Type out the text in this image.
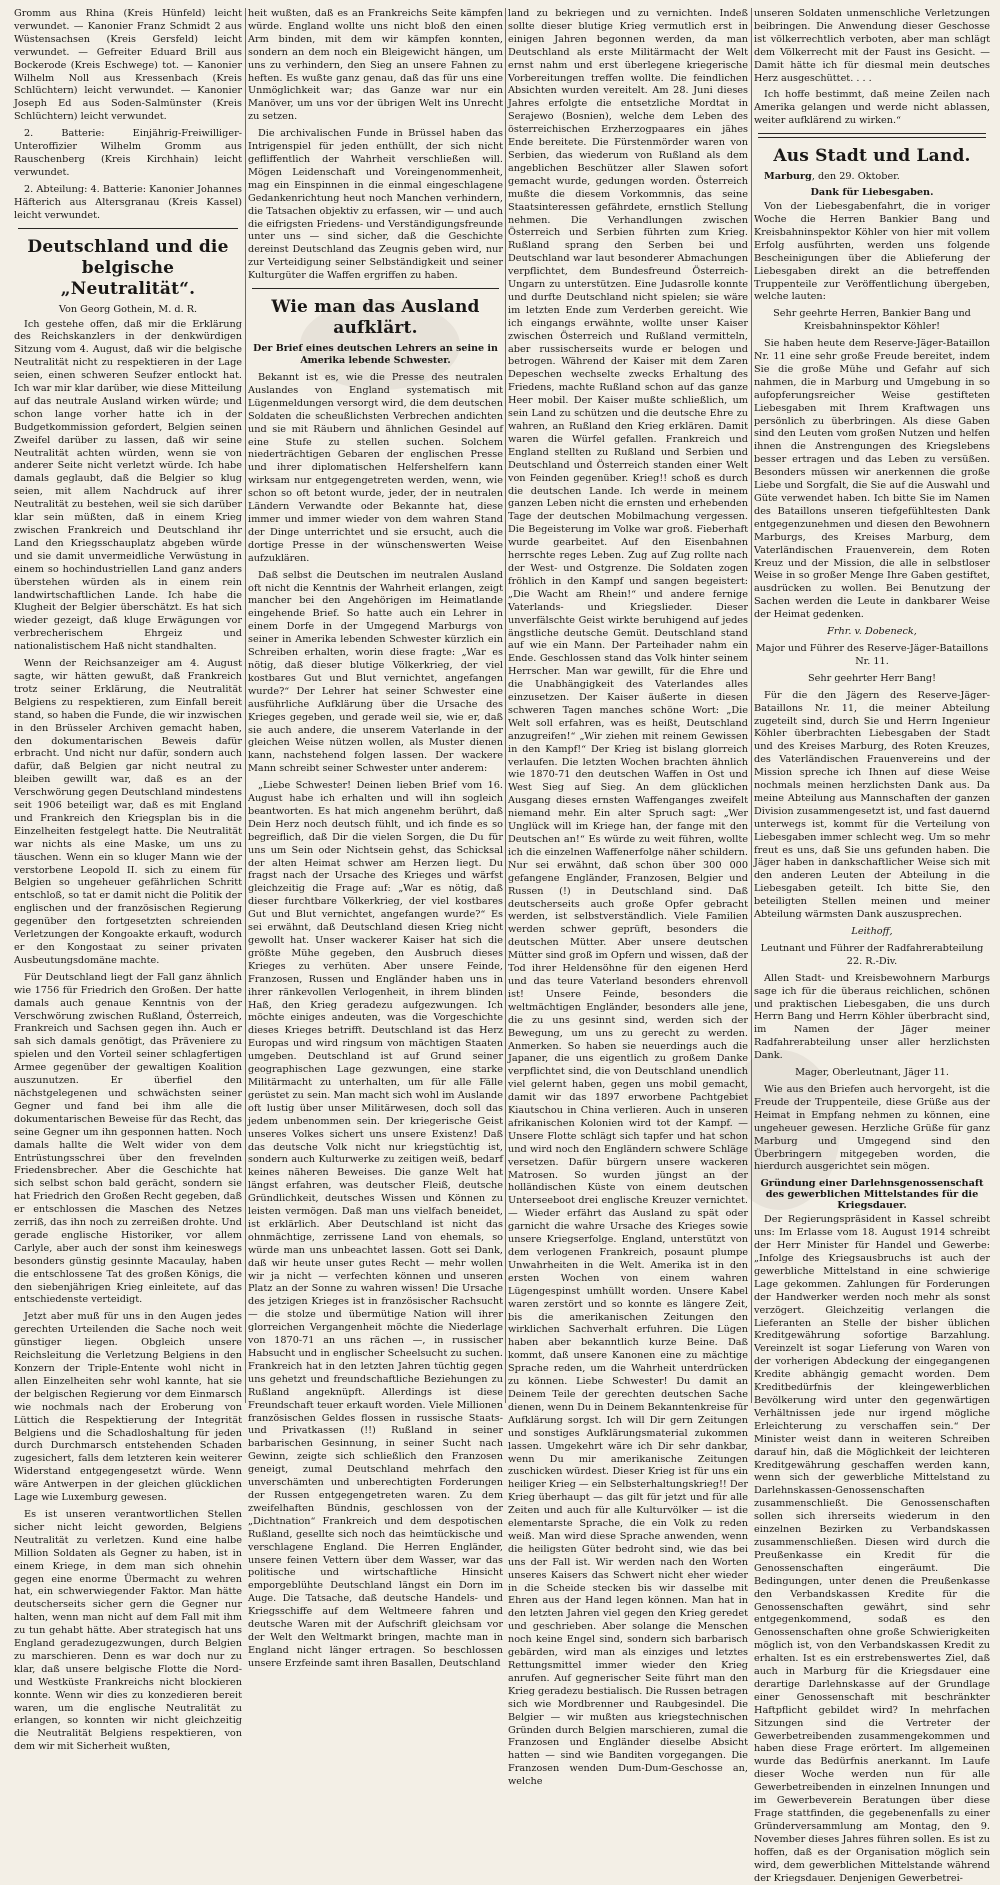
Gromm aus Rhina (Kreis Hünfeld) leicht verwundet. — Kanonier Franz Schmidt 2 aus Wüstensachsen (Kreis Gersfeld) leicht verwundet. — Gefreiter Eduard Brill aus Bockerode (Kreis Eschwege) tot. — Kanonier Wilhelm Noll aus Kressenbach (Kreis Schlüchtern) leicht verwundet. — Kanonier Joseph Ed aus Soden-Salmünster (Kreis Schlüchtern) leicht verwundet.

2. Batterie: Einjährig-Freiwilliger-Unteroffizier Wilhelm Gromm aus Rauschenberg (Kreis Kirchhain) leicht verwundet.

2. Abteilung: 4. Batterie: Kanonier Johannes Häfterich aus Altersgranau (Kreis Kassel) leicht verwundet.

Deutschland und die belgische „Neutralität“.
Von Georg Gothein, M. d. R.

Ich gestehe offen, daß mir die Erklärung des Reichskanzlers in der denkwürdigen Sitzung vom 4. August, daß wir die belgische Neutralität nicht zu respektieren in der Lage seien, einen schweren Seufzer entlockt hat. Ich war mir klar darüber, wie diese Mitteilung auf das neutrale Ausland wirken würde; und schon lange vorher hatte ich in der Budgetkommission gefordert, Belgien seinen Zweifel darüber zu lassen, daß wir seine Neutralität achten würden, wenn sie von anderer Seite nicht verletzt würde. Ich habe damals geglaubt, daß die Belgier so klug seien, mit allem Nachdruck auf ihrer Neutralität zu bestehen, weil sie sich darüber klar sein müßten, daß in einem Krieg zwischen Frankreich und Deutschland ihr Land den Kriegsschauplatz abgeben würde und sie damit unvermeidliche Verwüstung in einem so hochindustriellen Land ganz anders überstehen würden als in einem rein landwirtschaftlichen Lande. Ich habe die Klugheit der Belgier überschätzt. Es hat sich wieder gezeigt, daß kluge Erwägungen vor verbrecherischem Ehrgeiz und nationalistischem Haß nicht standhalten.

Wenn der Reichsanzeiger am 4. August sagte, wir hätten gewußt, daß Frankreich trotz seiner Erklärung, die Neutralität Belgiens zu respektieren, zum Einfall bereit stand, so haben die Funde, die wir inzwischen in den Brüsseler Archiven gemacht haben, den dokumentarischen Beweis dafür erbracht. Und nicht nur dafür, sondern auch dafür, daß Belgien gar nicht neutral zu bleiben gewillt war, daß es an der Verschwörung gegen Deutschland mindestens seit 1906 beteiligt war, daß es mit England und Frankreich den Kriegsplan bis in die Einzelheiten festgelegt hatte. Die Neutralität war nichts als eine Maske, um uns zu täuschen. Wenn ein so kluger Mann wie der verstorbene Leopold II. sich zu einem für Belgien so ungeheuer gefährlichen Schritt entschloß, so tat er damit nicht die Politik der englischen und der französischen Regierung gegenüber den fortgesetzten schreienden Verletzungen der Kongoakte erkauft, wodurch er den Kongostaat zu seiner privaten Ausbeutungsdomäne machte.

Für Deutschland liegt der Fall ganz ähnlich wie 1756 für Friedrich den Großen. Der hatte damals auch genaue Kenntnis von der Verschwörung zwischen Rußland, Österreich, Frankreich und Sachsen gegen ihn. Auch er sah sich damals genötigt, das Präveniere zu spielen und den Vorteil seiner schlagfertigen Armee gegenüber der gewaltigen Koalition auszunutzen. Er überfiel den nächstgelegenen und schwächsten seiner Gegner und fand bei ihm alle die dokumentarischen Beweise für das Recht, das seine Gegner um ihn gesponnen hatten. Noch damals hallte die Welt wider von dem Entrüstungsschrei über den frevelnden Friedensbrecher. Aber die Geschichte hat sich selbst schon bald gerächt, sondern sie hat Friedrich den Großen Recht gegeben, daß er entschlossen die Maschen des Netzes zerriß, das ihn noch zu zerreißen drohte. Und gerade englische Historiker, vor allem Carlyle, aber auch der sonst ihm keineswegs besonders günstig gesinnte Macaulay, haben die entschlossene Tat des großen Königs, die den siebenjährigen Krieg einleitete, auf das entschiedenste verteidigt.

Jetzt aber muß für uns in den Augen jedes gerechten Urteilenden die Sache noch weit günstiger liegen. Obgleich unsere Reichsleitung die Verletzung Belgiens in den Konzern der Triple-Entente wohl nicht in allen Einzelheiten sehr wohl kannte, hat sie der belgischen Regierung vor dem Einmarsch wie nochmals nach der Eroberung von Lüttich die Respektierung der Integrität Belgiens und die Schadloshaltung für jeden durch Durchmarsch entstehenden Schaden zugesichert, falls dem letzteren kein weiterer Widerstand entgegengesetzt würde. Wenn wäre Antwerpen in der gleichen glücklichen Lage wie Luxemburg gewesen.

Es ist unseren verantwortlichen Stellen sicher nicht leicht geworden, Belgiens Neutralität zu verletzen. Kund eine halbe Million Soldaten als Gegner zu haben, ist in einem Kriege, in dem man sich ohnehin gegen eine enorme Übermacht zu wehren hat, ein schwerwiegender Faktor. Man hätte deutscherseits sicher gern die Gegner nur halten, wenn man nicht auf dem Fall mit ihm zu tun gehabt hätte. Aber strategisch hat uns England geradezugezwungen, durch Belgien zu marschieren. Denn es war doch nur zu klar, daß unsere belgische Flotte die Nord- und Westküste Frankreichs nicht blockieren konnte. Wenn wir dies zu konzedieren bereit waren, um die englische Neutralität zu erlangen, so konnten wir nicht gleichzeitig die Neutralität Belgiens respektieren, von dem wir mit Sicherheit wußten,

heit wußten, daß es an Frankreichs Seite kämpfen würde. England wollte uns nicht bloß den einen Arm binden, mit dem wir kämpfen konnten, sondern an dem noch ein Bleigewicht hängen, um uns zu verhindern, den Sieg an unsere Fahnen zu heften. Es wußte ganz genau, daß das für uns eine Unmöglichkeit war; das Ganze war nur ein Manöver, um uns vor der übrigen Welt ins Unrecht zu setzen.

Die archivalischen Funde in Brüssel haben das Intrigenspiel für jeden enthüllt, der sich nicht gefliffentlich der Wahrheit verschließen will. Mögen Leidenschaft und Voreingenommenheit, mag ein Einspinnen in die einmal eingeschlagene Gedankenrichtung heut noch Manchen verhindern, die Tatsachen objektiv zu erfassen, wir — und auch die eifrigsten Friedens- und Verständigungsfreunde unter uns — sind sicher, daß die Geschichte dereinst Deutschland das Zeugnis geben wird, nur zur Verteidigung seiner Selbständigkeit und seiner Kulturgüter die Waffen ergriffen zu haben.

Wie man das Ausland aufklärt.
Der Brief eines deutschen Lehrers an seine in Amerika lebende Schwester.

Bekannt ist es, wie die Presse des neutralen Auslandes von England systematisch mit Lügenmeldungen versorgt wird, die dem deutschen Soldaten die scheußlichsten Verbrechen andichten und sie mit Räubern und ähnlichen Gesindel auf eine Stufe zu stellen suchen. Solchem niederträchtigen Gebaren der englischen Presse und ihrer diplomatischen Helfershelfern kann wirksam nur entgegengetreten werden, wenn, wie schon so oft betont wurde, jeder, der in neutralen Ländern Verwandte oder Bekannte hat, diese immer und immer wieder von dem wahren Stand der Dinge unterrichtet und sie ersucht, auch die dortige Presse in der wünschenswerten Weise aufzuklären.

Daß selbst die Deutschen im neutralen Ausland oft nicht die Kenntnis der Wahrheit erlangen, zeigt mancher bei den Angehörigen im Heimatlande eingehende Brief. So hatte auch ein Lehrer in einem Dorfe in der Umgegend Marburgs von seiner in Amerika lebenden Schwester kürzlich ein Schreiben erhalten, worin diese fragte: „War es nötig, daß dieser blutige Völkerkrieg, der viel kostbares Gut und Blut vernichtet, angefangen wurde?“ Der Lehrer hat seiner Schwester eine ausführliche Aufklärung über die Ursache des Krieges gegeben, und gerade weil sie, wie er, daß sie auch andere, die unserem Vaterlande in der gleichen Weise nützen wollen, als Muster dienen kann, nachstehend folgen lassen. Der wackere Mann schreibt seiner Schwester unter anderem:

„Liebe Schwester! Deinen lieben Brief vom 16. August habe ich erhalten und will ihn sogleich beantworten. Es hat mich angenehm berührt, daß Dein Herz noch deutsch fühlt, und ich finde es so begreiflich, daß Dir die vielen Sorgen, die Du für uns um Sein oder Nichtsein gehst, das Schicksal der alten Heimat schwer am Herzen liegt. Du fragst nach der Ursache des Krieges und wärfst gleichzeitig die Frage auf: „War es nötig, daß dieser furchtbare Völkerkrieg, der viel kostbares Gut und Blut vernichtet, angefangen wurde?“ Es sei erwähnt, daß Deutschland diesen Krieg nicht gewollt hat. Unser wackerer Kaiser hat sich die größte Mühe gegeben, den Ausbruch dieses Krieges zu verhüten. Aber unsere Feinde, Franzosen, Russen und Engländer haben uns in ihrer ränkevollen Verlogenheit, in ihrem blinden Haß, den Krieg geradezu aufgezwungen. Ich möchte einiges andeuten, was die Vorgeschichte dieses Krieges betrifft. Deutschland ist das Herz Europas und wird ringsum von mächtigen Staaten umgeben. Deutschland ist auf Grund seiner geographischen Lage gezwungen, eine starke Militärmacht zu unterhalten, um für alle Fälle gerüstet zu sein. Man macht sich wohl im Auslande oft lustig über unser Militärwesen, doch soll das jedem unbenommen sein. Der kriegerische Geist unseres Volkes sichert uns unsere Existenz! Daß das deutsche Volk nicht nur kriegstüchtig ist, sondern auch Kulturwerke zu zeitigen weiß, bedarf keines näheren Beweises. Die ganze Welt hat längst erfahren, was deutscher Fleiß, deutsche Gründlichkeit, deutsches Wissen und Können zu leisten vermögen. Daß man uns vielfach beneidet, ist erklärlich. Aber Deutschland ist nicht das ohnmächtige, zerrissene Land von ehemals, so würde man uns unbeachtet lassen. Gott sei Dank, daß wir heute unser gutes Recht — mehr wollen wir ja nicht — verfechten können und unseren Platz an der Sonne zu wahren wissen! Die Ursache des jetzigen Krieges ist in französischer Rachsucht — die stolze und übermütige Nation will ihrer glorreichen Vergangenheit möchte die Niederlage von 1870-71 an uns rächen —, in russischer Habsucht und in englischer Scheelsucht zu suchen. Frankreich hat in den letzten Jahren tüchtig gegen uns gehetzt und freundschaftliche Beziehungen zu Rußland angeknüpft. Allerdings ist diese Freundschaft teuer erkauft worden. Viele Millionen französischen Geldes flossen in russische Staats- und Privatkassen (!!) Rußland in seiner barbarischen Gesinnung, in seiner Sucht nach Gewinn, zeigte sich schließlich den Franzosen geneigt, zumal Deutschland mehrfach den unverschämten und unberechtigten Forderungen der Russen entgegengetreten waren. Zu dem zweifelhaften Bündnis, geschlossen von der „Dichtnation“ Frankreich und dem despotischen Rußland, gesellte sich noch das heimtückische und verschlagene England. Die Herren Engländer, unsere feinen Vettern über dem Wasser, war das politische und wirtschaftliche Hinsicht emporgeblühte Deutschland längst ein Dorn im Auge. Die Tatsache, daß deutsche Handels- und Kriegsschiffe auf dem Weltmeere fahren und deutsche Waren mit der Aufschrift gleichsam vor der Welt den Weltmarkt bringen, machte man in England nicht länger ertragen. So beschlossen unsere Erzfeinde samt ihren Basallen, Deutschland

land zu bekriegen und zu vernichten. Indeß sollte dieser blutige Krieg vermutlich erst in einigen Jahren begonnen werden, da man Deutschland als erste Militärmacht der Welt ernst nahm und erst überlegene kriegerische Vorbereitungen treffen wollte. Die feindlichen Absichten wurden vereitelt. Am 28. Juni dieses Jahres erfolgte die entsetzliche Mordtat in Serajewo (Bosnien), welche dem Leben des österreichischen Erzherzogpaares ein jähes Ende bereitete. Die Fürstenmörder waren von Serbien, das wiederum von Rußland als dem angeblichen Beschützer aller Slawen sofort gemacht wurde, gedungen worden. Österreich mußte die diesem Vorkommnis, das seine Staatsinteressen gefährdete, ernstlich Stellung nehmen. Die Verhandlungen zwischen Österreich und Serbien führten zum Krieg. Rußland sprang den Serben bei und Deutschland war laut besonderer Abmachungen verpflichtet, dem Bundesfreund Österreich-Ungarn zu unterstützen. Eine Judasrolle konnte und durfte Deutschland nicht spielen; sie wäre im letzten Ende zum Verderben gereicht. Wie ich eingangs erwähnte, wollte unser Kaiser zwischen Österreich und Rußland vermitteln, aber russischerseits wurde er belogen und betrogen. Während der Kaiser mit dem Zaren Depeschen wechselte zwecks Erhaltung des Friedens, machte Rußland schon auf das ganze Heer mobil. Der Kaiser mußte schließlich, um sein Land zu schützen und die deutsche Ehre zu wahren, an Rußland den Krieg erklären. Damit waren die Würfel gefallen. Frankreich und England stellten zu Rußland und Serbien und Deutschland und Österreich standen einer Welt von Feinden gegenüber. Krieg!! schoß es durch die deutschen Lande. Ich werde in meinem ganzen Leben nicht die ernsten und erhebenden Tage der deutschen Mobilmachung vergessen. Die Begeisterung im Volke war groß. Fieberhaft wurde gearbeitet. Auf den Eisenbahnen herrschte reges Leben. Zug auf Zug rollte nach der West- und Ostgrenze. Die Soldaten zogen fröhlich in den Kampf und sangen begeistert: „Die Wacht am Rhein!“ und andere fernige Vaterlands- und Kriegslieder. Dieser unverfälschte Geist wirkte beruhigend auf jedes ängstliche deutsche Gemüt. Deutschland stand auf wie ein Mann. Der Parteihader nahm ein Ende. Geschlossen stand das Volk hinter seinem Herrscher. Man war gewillt, für die Ehre und die Unabhängigkeit des Vaterlandes alles einzusetzen. Der Kaiser äußerte in diesen schweren Tagen manches schöne Wort: „Die Welt soll erfahren, was es heißt, Deutschland anzugreifen!“ „Wir ziehen mit reinem Gewissen in den Kampf!“ Der Krieg ist bislang glorreich verlaufen. Die letzten Wochen brachten ähnlich wie 1870-71 den deutschen Waffen in Ost und West Sieg auf Sieg. An dem glücklichen Ausgang dieses ernsten Waffenganges zweifelt niemand mehr. Ein alter Spruch sagt: „Wer Unglück will im Kriege han, der fange mit den Deutschen an!“ Es würde zu weit führen, wollte ich die einzelnen Waffenerfolge näher schildern. Nur sei erwähnt, daß schon über 300 000 gefangene Engländer, Franzosen, Belgier und Russen (!) in Deutschland sind. Daß deutscherseits auch große Opfer gebracht werden, ist selbstverständlich. Viele Familien werden schwer geprüft, besonders die deutschen Mütter. Aber unsere deutschen Mütter sind groß im Opfern und wissen, daß der Tod ihrer Heldensöhne für den eigenen Herd und das teure Vaterland besonders ehrenvoll ist! Unsere Feinde, besonders die weltmächtigen Engländer, besonders alle jene, die zu uns gesinnt sind, werden sich der Bewegung, um uns zu gerecht zu werden. Anmerken. So haben sie neuerdings auch die Japaner, die uns eigentlich zu großem Danke verpflichtet sind, die von Deutschland unendlich viel gelernt haben, gegen uns mobil gemacht, damit wir das 1897 erworbene Pachtgebiet Kiautschou in China verlieren. Auch in unseren afrikanischen Kolonien wird tot der Kampf. — Unsere Flotte schlägt sich tapfer und hat schon und wird noch den Engländern schwere Schläge versetzen. Dafür bürgern unsere wackeren Matrosen. So wurden jüngst an der holländischen Küste von einem deutschen Unterseeboot drei englische Kreuzer vernichtet. — Wieder erfährt das Ausland zu spät oder garnicht die wahre Ursache des Krieges sowie unsere Kriegserfolge. England, unterstützt von dem verlogenen Frankreich, posaunt plumpe Unwahrheiten in die Welt. Amerika ist in den ersten Wochen von einem wahren Lügengespinst umhüllt worden. Unsere Kabel waren zerstört und so konnte es längere Zeit, bis die amerikanischen Zeitungen den wirklichen Sachverhalt erfuhren. Die Lügen haben aber bekanntlich kurze Beine. Daß kommt, daß unsere Kanonen eine zu mächtige Sprache reden, um die Wahrheit unterdrücken zu können. Liebe Schwester! Du damit an Deinem Teile der gerechten deutschen Sache dienen, wenn Du in Deinem Bekanntenkreise für Aufklärung sorgst. Ich will Dir gern Zeitungen und sonstiges Aufklärungsmaterial zukommen lassen. Umgekehrt wäre ich Dir sehr dankbar, wenn Du mir amerikanische Zeitungen zuschicken würdest. Dieser Krieg ist für uns ein heiliger Krieg — ein Selbsterhaltungskrieg!! Der Krieg überhaupt — das gilt für jetzt und für alle Zeiten und auch für alle Kulturvölker — ist die elementarste Sprache, die ein Volk zu reden weiß. Man wird diese Sprache anwenden, wenn die heiligsten Güter bedroht sind, wie das bei uns der Fall ist. Wir werden nach den Worten unseres Kaisers das Schwert nicht eher wieder in die Scheide stecken bis wir dasselbe mit Ehren aus der Hand legen können. Man hat in den letzten Jahren viel gegen den Krieg geredet und geschrieben. Aber solange die Menschen noch keine Engel sind, sondern sich barbarisch gebärden, wird man als einziges und letztes Rettungsmittel immer wieder den Krieg anrufen. Auf gegnerischer Seite führt man den Krieg geradezu bestialisch. Die Russen betragen sich wie Mordbrenner und Raubgesindel. Die Belgier — wir mußten aus kriegstechnischen Gründen durch Belgien marschieren, zumal die Franzosen und Engländer dieselbe Absicht hatten — sind wie Banditen vorgegangen. Die Franzosen wenden Dum-Dum-Geschosse an, welche

unseren Soldaten unmenschliche Verletzungen beibringen. Die Anwendung dieser Geschosse ist völkerrechtlich verboten, aber man schlägt dem Völkerrecht mit der Faust ins Gesicht. — Damit hätte ich für diesmal mein deutsches Herz ausgeschüttet. . . .

Ich hoffe bestimmt, daß meine Zeilen nach Amerika gelangen und werde nicht ablassen, weiter aufklärend zu wirken.“

Aus Stadt und Land.
Marburg, den 29. Oktober.
Dank für Liebesgaben.

Von der Liebesgabenfahrt, die in voriger Woche die Herren Bankier Bang und Kreisbahninspektor Köhler von hier mit vollem Erfolg ausführten, werden uns folgende Bescheinigungen über die Ablieferung der Liebesgaben direkt an die betreffenden Truppenteile zur Veröffentlichung übergeben, welche lauten:

Sehr geehrte Herren, Bankier Bang und Kreisbahninspektor Köhler!

Sie haben heute dem Reserve-Jäger-Bataillon Nr. 11 eine sehr große Freude bereitet, indem Sie die große Mühe und Gefahr auf sich nahmen, die in Marburg und Umgebung in so aufopferungsreicher Weise gestifteten Liebesgaben mit Ihrem Kraftwagen uns persönlich zu überbringen. Als diese Gaben sind den Leuten vom großen Nutzen und helfen ihnen die Anstrengungen des Kriegslebens besser ertragen und das Leben zu versüßen. Besonders müssen wir anerkennen die große Liebe und Sorgfalt, die Sie auf die Auswahl und Güte verwendet haben. Ich bitte Sie im Namen des Bataillons unseren tiefgefühltesten Dank entgegenzunehmen und diesen den Bewohnern Marburgs, des Kreises Marburg, dem Vaterländischen Frauenverein, dem Roten Kreuz und der Mission, die alle in selbstloser Weise in so großer Menge Ihre Gaben gestiftet, ausdrücken zu wollen. Bei Benutzung der Sachen werden die Leute in dankbarer Weise der Heimat gedenken.

Frhr. v. Dobeneck,

Major und Führer des Reserve-Jäger-Bataillons Nr. 11.

Sehr geehrter Herr Bang!

Für die den Jägern des Reserve-Jäger-Bataillons Nr. 11, die meiner Abteilung zugeteilt sind, durch Sie und Herrn Ingenieur Köhler überbrachten Liebesgaben der Stadt und des Kreises Marburg, des Roten Kreuzes, des Vaterländischen Frauenvereins und der Mission spreche ich Ihnen auf diese Weise nochmals meinen herzlichsten Dank aus. Da meine Abteilung aus Mannschaften der ganzen Division zusammengesetzt ist, und fast dauernd unterwegs ist, kommt für die Verteilung von Liebesgaben immer schlecht weg. Um so mehr freut es uns, daß Sie uns gefunden haben. Die Jäger haben in dankschaftlicher Weise sich mit den anderen Leuten der Abteilung in die Liebesgaben geteilt. Ich bitte Sie, den beteiligten Stellen meinen und meiner Abteilung wärmsten Dank auszusprechen.

Leithoff,

Leutnant und Führer der Radfahrerabteilung 22. R.-Div.

Allen Stadt- und Kreisbewohnern Marburgs sage ich für die überaus reichlichen, schönen und praktischen Liebesgaben, die uns durch Herrn Bang und Herrn Köhler überbracht sind, im Namen der Jäger meiner Radfahrerabteilung unser aller herzlichsten Dank.

Mager, Oberleutnant, Jäger 11.

Wie aus den Briefen auch hervorgeht, ist die Freude der Truppenteile, diese Grüße aus der Heimat in Empfang nehmen zu können, eine ungeheuer gewesen. Herzliche Grüße für ganz Marburg und Umgegend sind den Überbringern mitgegeben worden, die hierdurch ausgerichtet sein mögen.

Gründung einer Darlehnsgenossenschaft des gewerblichen Mittelstandes für die Kriegsdauer.

Der Regierungspräsident in Kassel schreibt uns: Im Erlasse vom 18. August 1914 schreibt der Herr Minister für Handel und Gewerbe: „Infolge des Kriegsausbruchs ist auch der gewerbliche Mittelstand in eine schwierige Lage gekommen. Zahlungen für Forderungen der Handwerker werden noch mehr als sonst verzögert. Gleichzeitig verlangen die Lieferanten an Stelle der bisher üblichen Kreditgewährung sofortige Barzahlung. Vereinzelt ist sogar Lieferung von Waren von der vorherigen Abdeckung der eingegangenen Kredite abhängig gemacht worden. Dem Kreditbedürfnis der kleingewerblichen Bevölkerung wird unter den gegenwärtigen Verhältnissen jede nur irgend mögliche Erleichterung zu verschaffen sein.“ Der Minister weist dann in weiteren Schreiben darauf hin, daß die Möglichkeit der leichteren Kreditgewährung geschaffen werden kann, wenn sich der gewerbliche Mittelstand zu Darlehnskassen-Genossenschaften zusammenschließt. Die Genossenschaften sollen sich ihrerseits wiederum in den einzelnen Bezirken zu Verbandskassen zusammenschließen. Diesen wird durch die Preußenkasse ein Kredit für die Genossenschaften eingeräumt. Die Bedingungen, unter denen die Preußenkasse den Verbandskassen Kredite für die Genossenschaften gewährt, sind sehr entgegenkommend, sodaß es den Genossenschaften ohne große Schwierigkeiten möglich ist, von den Verbandskassen Kredit zu erhalten. Ist es ein erstrebenswertes Ziel, daß auch in Marburg für die Kriegsdauer eine derartige Darlehnskasse auf der Grundlage einer Genossenschaft mit beschränkter Haftpflicht gebildet wird? In mehrfachen Sitzungen sind die Vertreter der Gewerbetreibenden zusammengekommen und haben diese Frage erörtert. Im allgemeinen wurde das Bedürfnis anerkannt. Im Laufe dieser Woche werden nun für alle Gewerbetreibenden in einzelnen Innungen und im Gewerbeverein Beratungen über diese Frage stattfinden, die gegebenenfalls zu einer Gründerversammlung am Montag, den 9. November dieses Jahres führen sollen. Es ist zu hoffen, daß es der Organisation möglich sein wird, dem gewerblichen Mittelstande während der Kriegsdauer. Denjenigen Gewerbetrei-
